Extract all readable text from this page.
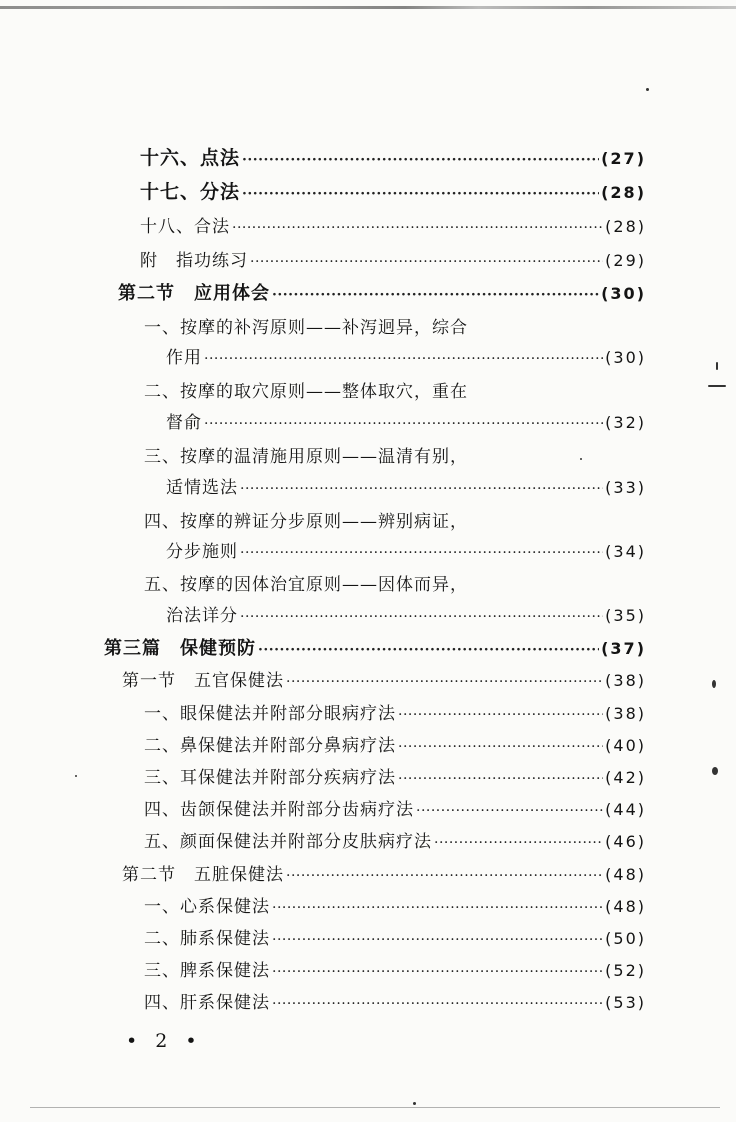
十六、点法 ·····	(27)
十七、分法 ·····	(28)
十八、合法 ·····	(28)
附　指功练习 ·····	(29)
第二节　应用体会 ·····	(30)
一、按摩的补泻原则——补泻迥异，综合
作用 ·····	(30)
二、按摩的取穴原则——整体取穴，重在
督俞 ·····	(32)
三、按摩的温清施用原则——温清有别，
适情选法 ·····	(33)
四、按摩的辨证分步原则——辨别病证，
分步施则 ·····	(34)
五、按摩的因体治宜原则——因体而异，
治法详分 ·····	(35)
第三篇　保健预防 ·····	(37)
第一节　五官保健法 ·····	(38)
一、眼保健法并附部分眼病疗法 ·····	(38)
二、鼻保健法并附部分鼻病疗法 ·····	(40)
三、耳保健法并附部分疾病疗法 ·····	(42)
四、齿颌保健法并附部分齿病疗法 ·····	(44)
五、颜面保健法并附部分皮肤病疗法 ·····	(46)
第二节　五脏保健法 ·····	(48)
一、心系保健法 ·····	(48)
二、肺系保健法 ·····	(50)
三、脾系保健法 ·····	(52)
四、肝系保健法 ·····	(53)
• 2 •
